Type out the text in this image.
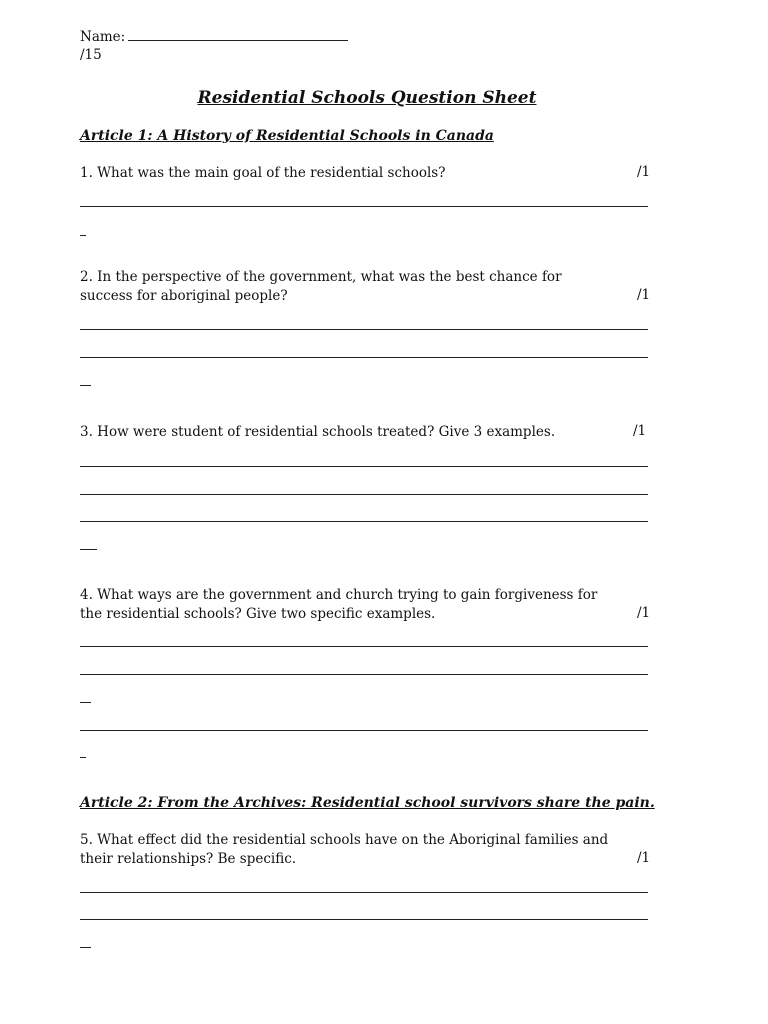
Name:
/15
Residential Schools Question Sheet
Article 1: A History of Residential Schools in Canada
1. What was the main goal of the residential schools?	/1
2. In the perspective of the government, what was the best chance for success for aboriginal people?	/1
3. How were student of residential schools treated? Give 3 examples.	/1
4. What ways are the government and church trying to gain forgiveness for the residential schools? Give two specific examples.	/1
Article 2: From the Archives: Residential school survivors share the pain.
5. What effect did the residential schools have on the Aboriginal families and their relationships? Be specific.	/1
